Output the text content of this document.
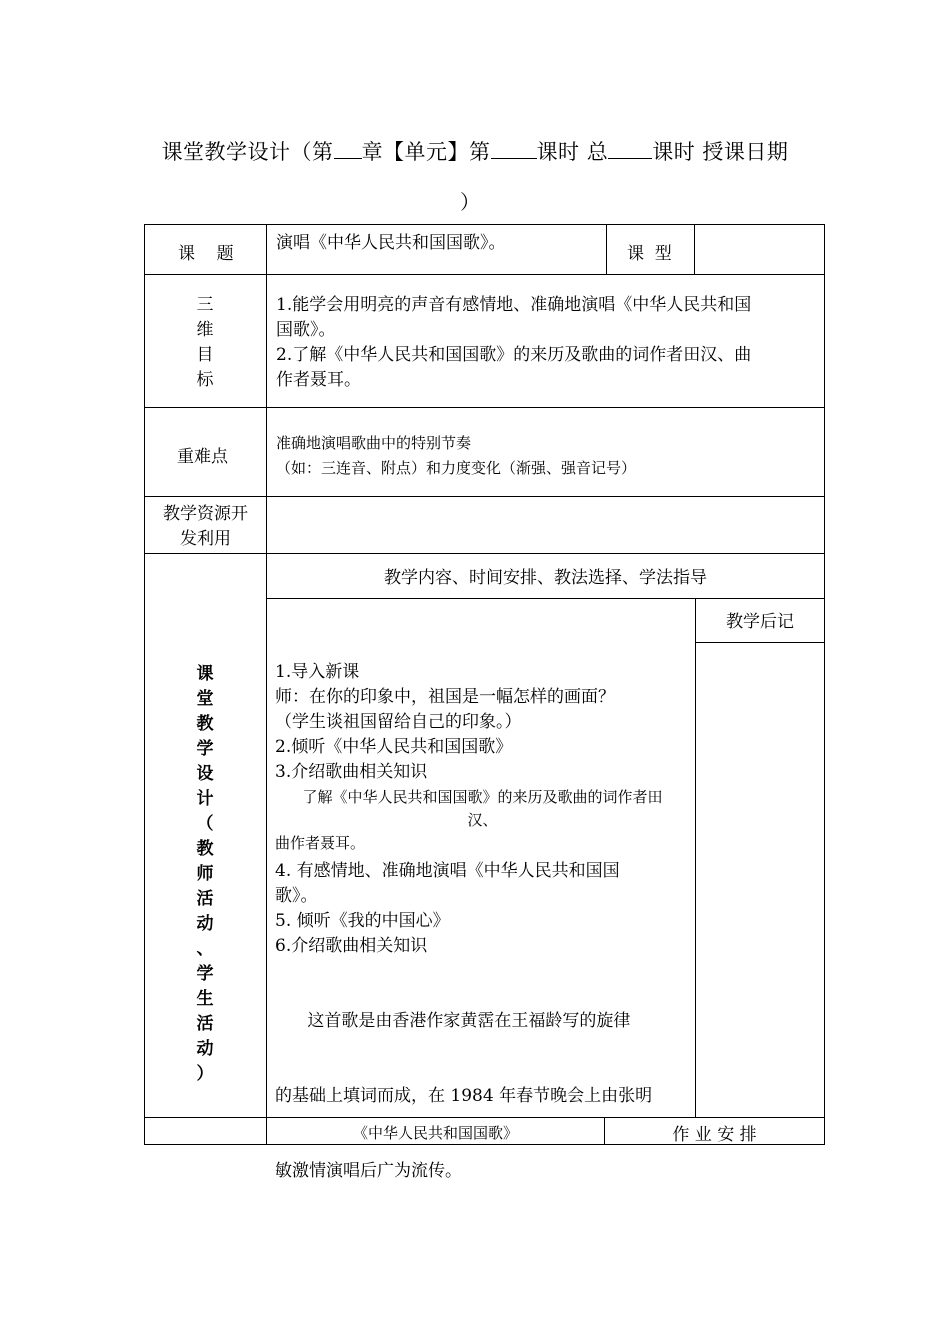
课堂教学设计（第 章【单元】第 课时 总 课时 授课日期
）
课    题
演唱《中华人民共和国国歌》。
课  型
三
维
目
标
1.能学会用明亮的声音有感情地、准确地演唱《中华人民共和国
国歌》。
2.了解《中华人民共和国国歌》的来历及歌曲的词作者田汉、曲
作者聂耳。
重难点
准确地演唱歌曲中的特别节奏
（如：三连音、附点）和力度变化（渐强、强音记号）
教学资源开
发利用
课
堂
教
学
设
计
（
教
师
活
动
、
学
生
活
动
）
教学内容、时间安排、教法选择、学法指导
教学后记
1.导入新课
师：在你的印象中，祖国是一幅怎样的画面？
（学生谈祖国留给自己的印象。）
2.倾听《中华人民共和国国歌》
3.介绍歌曲相关知识
了解《中华人民共和国国歌》的来历及歌曲的词作者田
汉、
曲作者聂耳。
4. 有感情地、准确地演唱《中华人民共和国国
歌》。
5. 倾听《我的中国心》
6.介绍歌曲相关知识

这首歌是由香港作家黄霑在王福龄写的旋律

的基础上填词而成，在 1984 年春节晚会上由张明

敏激情演唱后广为流传。

《中华人民共和国国歌》	作 业 安 排
